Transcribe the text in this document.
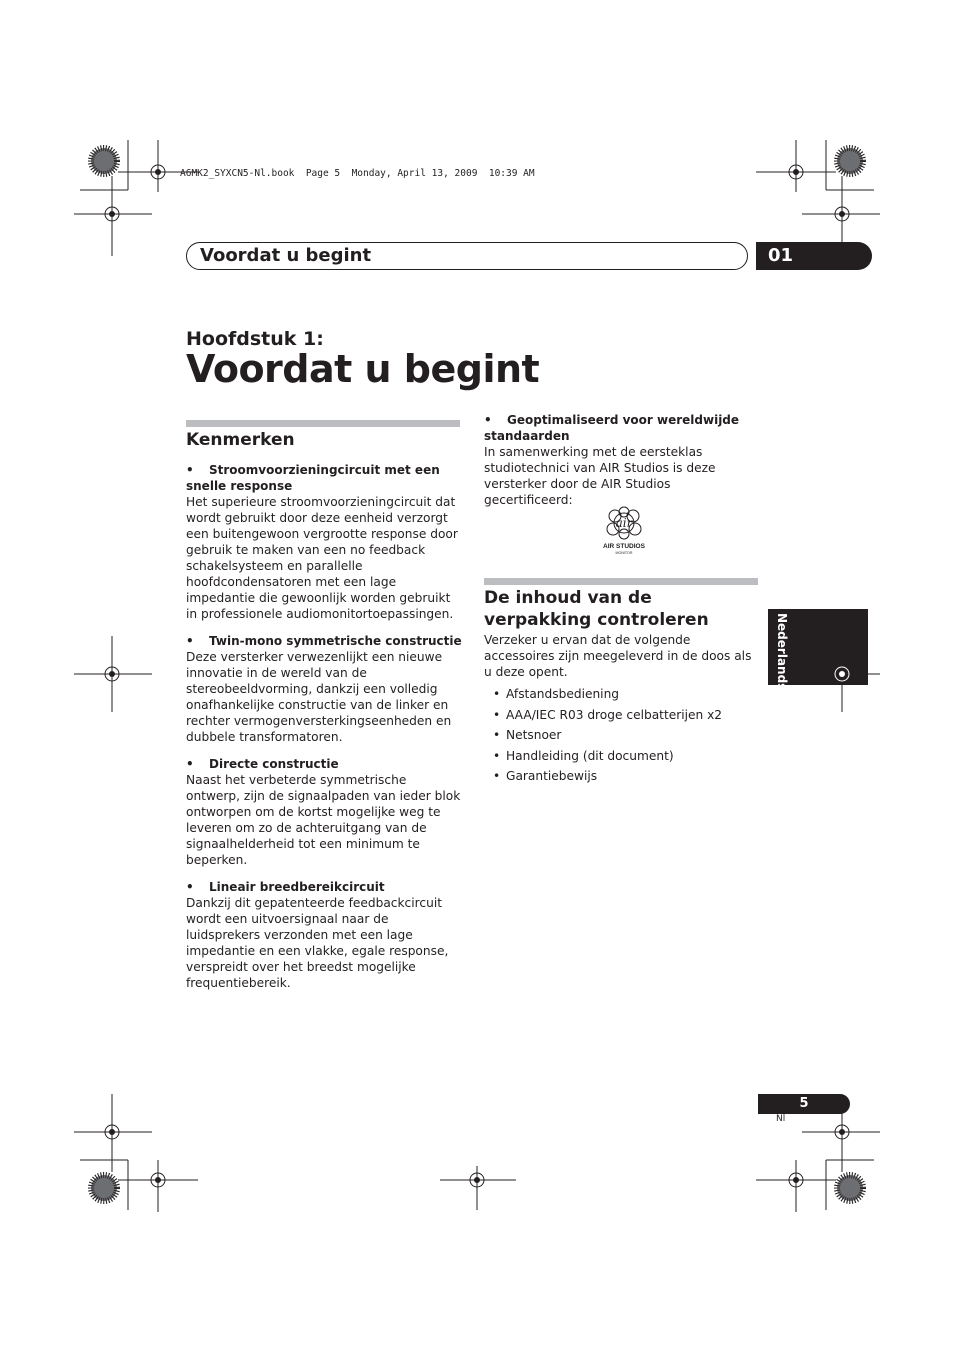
A6MK2_SYXCN5-Nl.book  Page 5  Monday, April 13, 2009  10:39 AM
Voordat u begint	01
Hoofdstuk 1:
Voordat u begint
Kenmerken
• Stroomvoorzieningcircuit met een snelle response

Het superieure stroomvoorzieningcircuit dat wordt gebruikt door deze eenheid verzorgt een buitengewoon vergrootte response door gebruik te maken van een no feedback schakelsysteem en parallelle hoofdcondensatoren met een lage impedantie die gewoonlijk worden gebruikt in professionele audiomonitortoepassingen.

• Twin-mono symmetrische constructie

Deze versterker verwezenlijkt een nieuwe innovatie in de wereld van de stereobeeldvorming, dankzij een volledig onafhankelijke constructie van de linker en rechter vermogenversterkingseenheden en dubbele transformatoren.

• Directe constructie

Naast het verbeterde symmetrische ontwerp, zijn de signaalpaden van ieder blok ontworpen om de kortst mogelijke weg te leveren om zo de achteruitgang van de signaalhelderheid tot een minimum te beperken.

• Lineair breedbereikcircuit

Dankzij dit gepatenteerde feedbackcircuit wordt een uitvoersignaal naar de luidsprekers verzonden met een lage impedantie en een vlakke, egale response, verspreidt over het breedst mogelijke frequentiebereik.

• Geoptimaliseerd voor wereldwijde standaarden

In samenwerking met de eersteklas studiotechnici van AIR Studios is deze versterker door de AIR Studios gecertificeerd:

air
AIR STUDIOS
MONITOR
De inhoud van de verpakking controleren

Verzeker u ervan dat de volgende accessoires zijn meegeleverd in de doos als u deze opent.

• Afstandsbediening
• AAA/IEC R03 droge celbatterijen x2
• Netsnoer
• Handleiding (dit document)
• Garantiebewijs
Nederlands
5
Nl
